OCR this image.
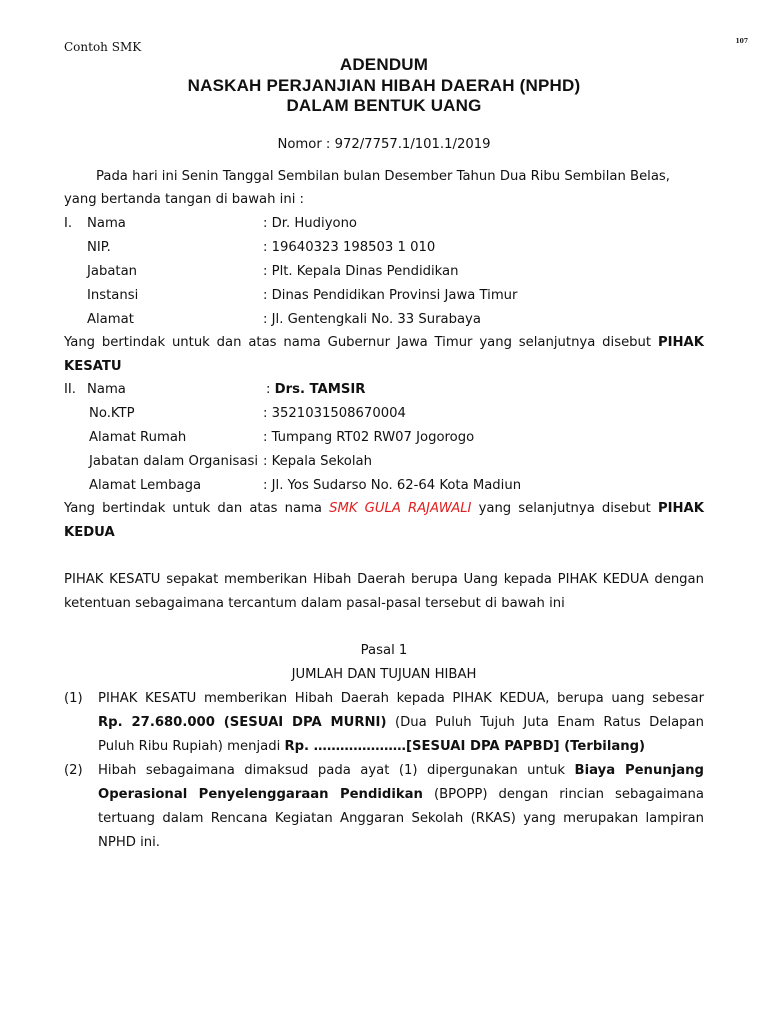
Contoh SMK	107
ADENDUM
NASKAH PERJANJIAN HIBAH DAERAH (NPHD)
DALAM BENTUK UANG
Nomor : 972/7757.1/101.1/2019
Pada hari ini Senin Tanggal Sembilan bulan Desember Tahun Dua Ribu Sembilan Belas,
yang bertanda tangan di bawah ini :
I. Nama	: Dr. Hudiyono
NIP.	: 19640323 198503 1 010
Jabatan	: Plt. Kepala Dinas Pendidikan
Instansi	: Dinas Pendidikan Provinsi Jawa Timur
Alamat	: Jl. Gentengkali No. 33 Surabaya
Yang bertindak untuk dan atas nama Gubernur Jawa Timur yang selanjutnya disebut PIHAK
KESATU
II. Nama	: Drs. TAMSIR
No.KTP	: 3521031508670004
Alamat Rumah	: Tumpang RT02 RW07 Jogorogo
Jabatan dalam Organisasi : Kepala Sekolah
Alamat Lembaga	: Jl. Yos Sudarso No. 62-64 Kota Madiun
Yang bertindak untuk dan atas nama SMK GULA RAJAWALI yang selanjutnya disebut PIHAK
KEDUA
PIHAK KESATU sepakat memberikan Hibah Daerah berupa Uang kepada PIHAK KEDUA dengan
ketentuan sebagaimana tercantum dalam pasal-pasal tersebut di bawah ini
Pasal 1
JUMLAH DAN TUJUAN HIBAH
(1) PIHAK KESATU memberikan Hibah Daerah kepada PIHAK KEDUA, berupa uang sebesar
Rp. 27.680.000 (SESUAI DPA MURNI) (Dua Puluh Tujuh Juta Enam Ratus Delapan
Puluh Ribu Rupiah) menjadi Rp. …………………[SESUAI DPA PAPBD] (Terbilang)
(2) Hibah sebagaimana dimaksud pada ayat (1) dipergunakan untuk Biaya Penunjang
Operasional Penyelenggaraan Pendidikan (BPOPP) dengan rincian sebagaimana
tertuang dalam Rencana Kegiatan Anggaran Sekolah (RKAS) yang merupakan lampiran
NPHD ini.
